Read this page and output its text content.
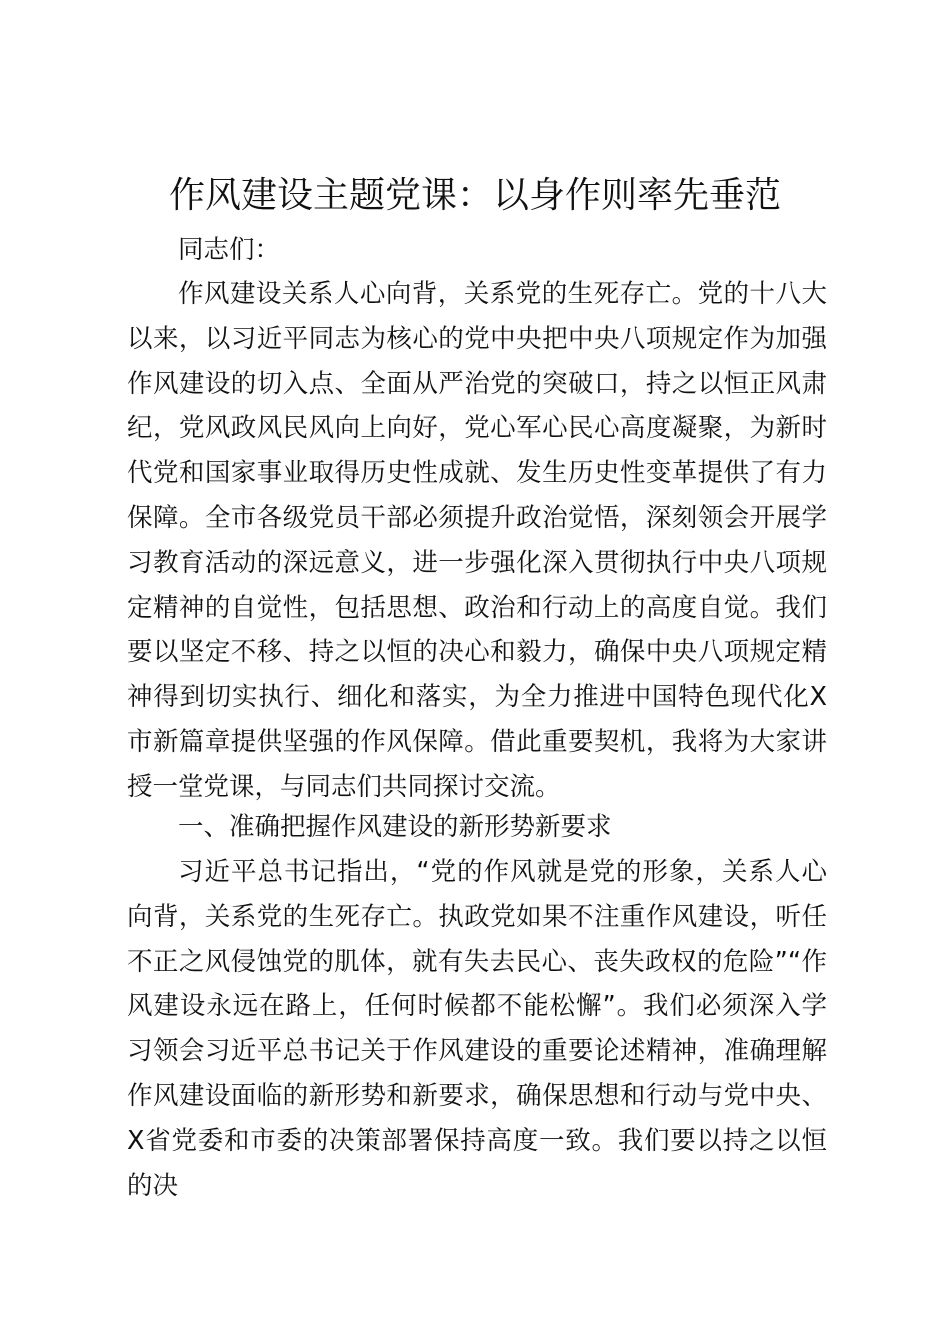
作风建设主题党课：以身作则率先垂范

同志们：

作风建设关系人心向背，关系党的生死存亡。党的十八大以来，以习近平同志为核心的党中央把中央八项规定作为加强作风建设的切入点、全面从严治党的突破口，持之以恒正风肃纪，党风政风民风向上向好，党心军心民心高度凝聚，为新时代党和国家事业取得历史性成就、发生历史性变革提供了有力保障。全市各级党员干部必须提升政治觉悟，深刻领会开展学习教育活动的深远意义，进一步强化深入贯彻执行中央八项规定精神的自觉性，包括思想、政治和行动上的高度自觉。我们要以坚定不移、持之以恒的决心和毅力，确保中央八项规定精神得到切实执行、细化和落实，为全力推进中国特色现代化X市新篇章提供坚强的作风保障。借此重要契机，我将为大家讲授一堂党课，与同志们共同探讨交流。

一、准确把握作风建设的新形势新要求

习近平总书记指出，“党的作风就是党的形象，关系人心向背，关系党的生死存亡。执政党如果不注重作风建设，听任不正之风侵蚀党的肌体，就有失去民心、丧失政权的危险”“作风建设永远在路上，任何时候都不能松懈”。我们必须深入学习领会习近平总书记关于作风建设的重要论述精神，准确理解作风建设面临的新形势和新要求，确保思想和行动与党中央、X省党委和市委的决策部署保持高度一致。我们要以持之以恒的决
